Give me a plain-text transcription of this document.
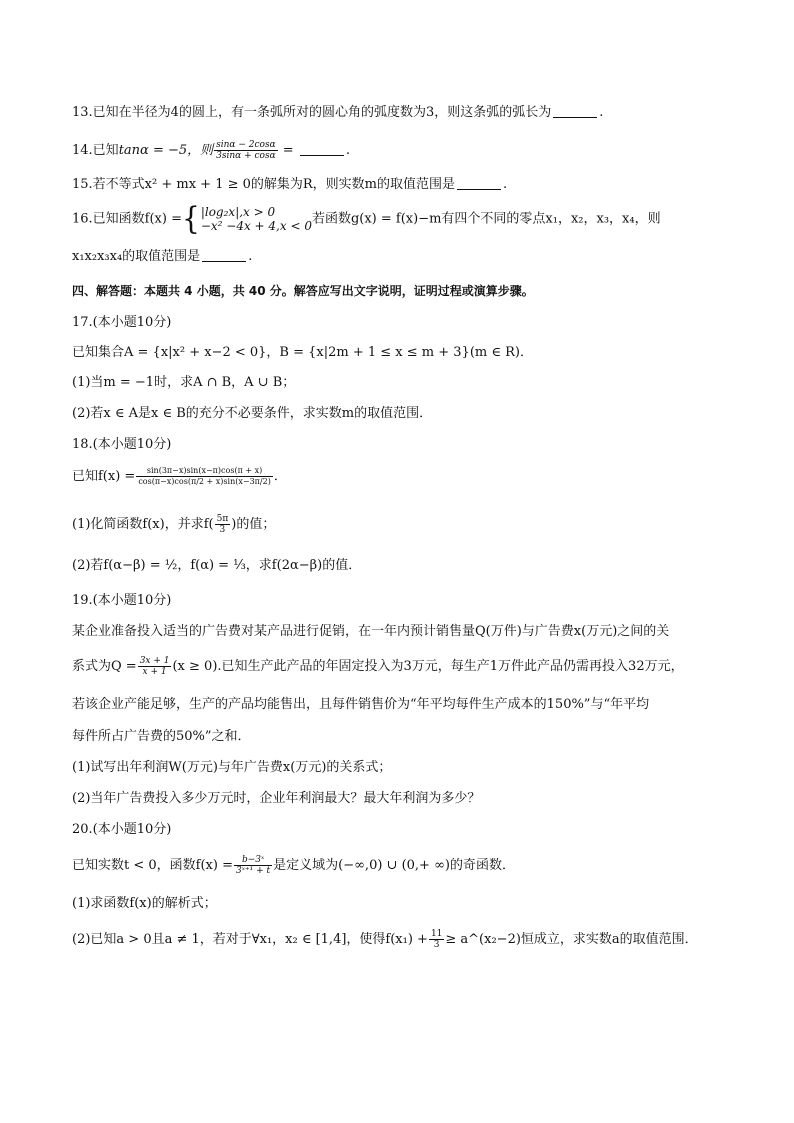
13.已知在半径为4的圆上，有一条弧所对的圆心角的弧度数为3，则这条弧的弧长为	.
14.已知tanα = −5，则 $\frac{\sin\alpha - 2\cos\alpha}{3\sin\alpha + \cos\alpha}$ =	.
15.若不等式x² + mx + 1 ≥ 0的解集为R，则实数m的取值范围是	.
16.已知函数f(x) ={ |log₂x|,x > 0
−x² −4x + 4,x < 0 若函数g(x) = f(x)−m有四个不同的零点x₁，x₂，x₃，x₄，则
x₁x₂x₃x₄的取值范围是	.
四、解答题：本题共 4 小题，共 40 分。解答应写出文字说明，证明过程或演算步骤。
17.(本小题10分)
已知集合A = {x|x² + x−2 < 0}，B = {x|2m + 1 ≤ x ≤ m + 3}(m ∈ R)．
(1)当m = −1时，求A ∩ B，A ∪ B；
(2)若x ∈ A是x ∈ B的充分不必要条件，求实数m的取值范围．
18.(本小题10分)
已知$f(x) = \frac{\sin(3\pi-x)\sin(x-\pi)\cos(\pi + x)}{\cos(\pi-x)\cos(\pi/2 + x)\sin(x-3\pi/2)}$ ．
(1)化简函数f(x)，并求$f( \frac{5\pi}{3}$ )的值；
(2)若f(α−β) = ½，f(α) = ⅓，求f(2α−β)的值．
19.(本小题10分)
某企业准备投入适当的广告费对某产品进行促销，在一年内预计销售量Q(万件)与广告费x(万元)之间的关
系式为$Q = \frac{3x + 1}{x + 1} (x \ge 0)$.已知生产此产品的年固定投入为3万元，每生产1万件此产品仍需再投入32万元，
若该企业产能足够，生产的产品均能售出，且每件销售价为“年平均每件生产成本的150%”与“年平均
每件所占广告费的50%”之和．
(1)试写出年利润W(万元)与年广告费x(万元)的关系式；
(2)当年广告费投入多少万元时，企业年利润最大？最大年利润为多少？
20.(本小题10分)
已知实数t < 0，函数$f(x) = \frac{\text{b−3ˣ}}{\text{3ˣ⁺¹ + t}}$ 是定义域为(−∞,0) ∪ (0,+ ∞)的奇函数．
(1)求函数f(x)的解析式；
(2)已知a > 0且a ≠ 1，若对于∀x₁，x₂ ∈ [1,4]，使得$f(x_1) + \frac{11}{3}$ ≥ a^(x₂−2)恒成立，求实数a的取值范围．
